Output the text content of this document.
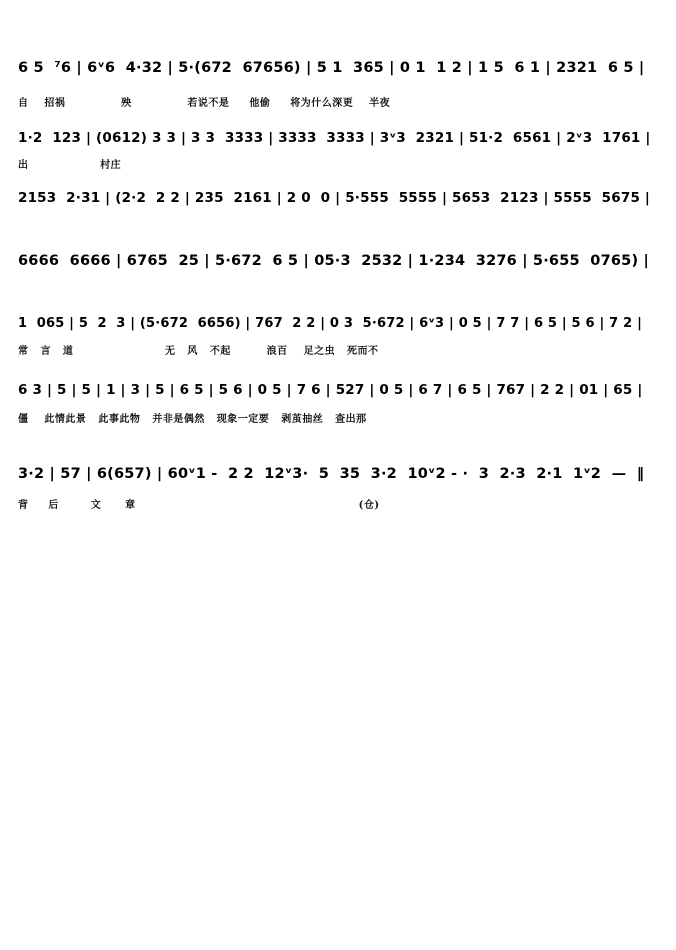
6 5  ⁷6 | 6ᵛ6  4·32 | 5·(672  67656) | 5 1  365 | 0 1  1 2 | 1 5  6 1 | 2321  6 5 |
自    招祸              殃              若说不是     他偷     将为什么深更    半夜
1·2  123 | (0612) 3 3 | 3 3  3333 | 3333  3333 | 3ᵛ3  2321 | 51·2  6561 | 2ᵛ3  1761 |
出                  村庄
2153  2·31 | (2·2  2 2 | 235  2161 | 2 0  0 | 5·555  5555 | 5653  2123 | 5555  5675 |
6666  6666 | 6765  25 | 5·672  6 5 | 05·3  2532 | 1·234  3276 | 5·655  0765) |
1  065 | 5  2  3 | (5·672  6656) | 767  2 2 | 0 3  5·672 | 6ᵛ3 | 0 5 | 7 7 | 6 5 | 5 6 | 7 2 |
常   言   道                       无   风   不起         浪百    足之虫   死而不
6 3 | 5 | 5 | 1 | 3 | 5 | 6 5 | 5 6 | 0 5 | 7 6 | 527 | 0 5 | 6 7 | 6 5 | 767 | 2 2 | 01 | 65 |
僵    此情此景   此事此物   并非是偶然   现象一定要   剥茧抽丝   查出那
3·2 | 57 | 6(657) | 60ᵛ1 -  2 2  12ᵛ3·  5  35  3·2  10ᵛ2 - ·  3  2·3  2·1  1ᵛ2  —  ‖
背     后        文      章                                                        (仓)
